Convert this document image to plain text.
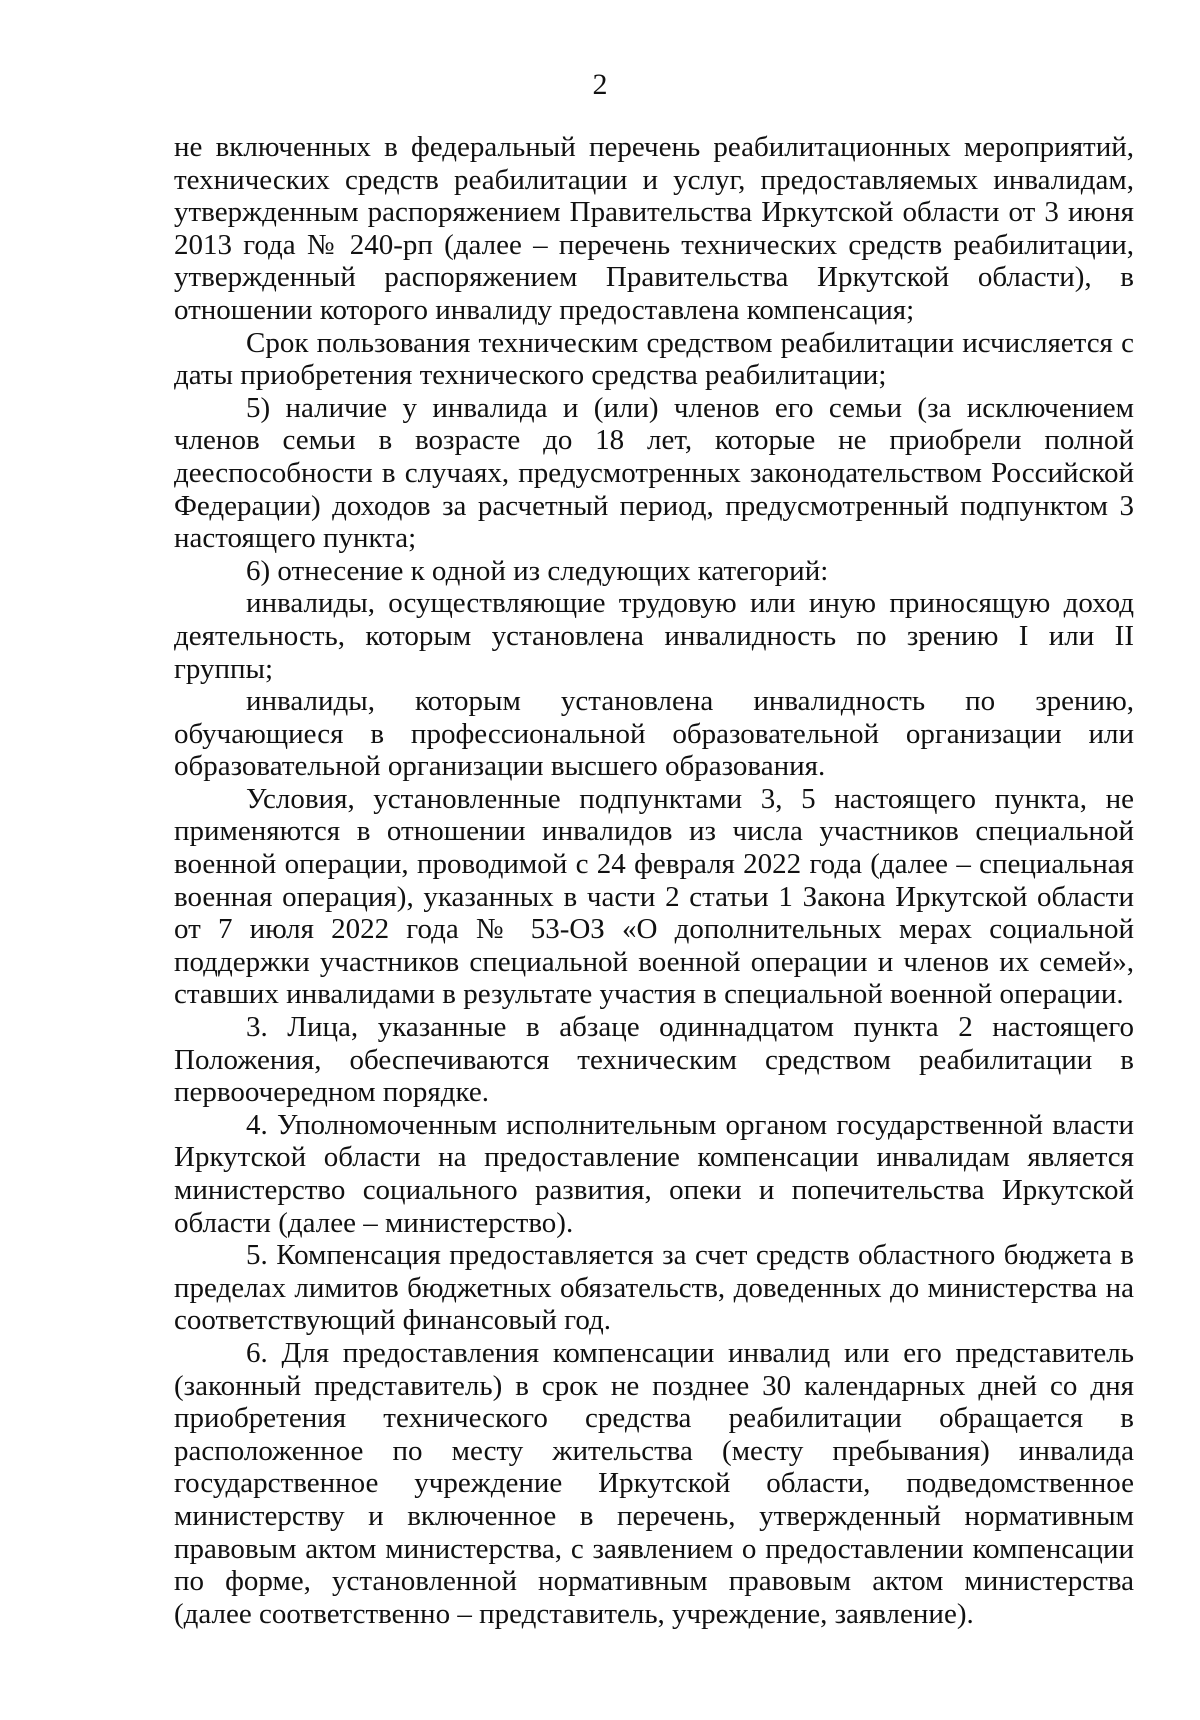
2

не включенных в федеральный перечень реабилитационных мероприятий, технических средств реабилитации и услуг, предоставляемых инвалидам, утвержденным распоряжением Правительства Иркутской области от 3 июня 2013 года № 240-рп (далее – перечень технических средств реабилитации, утвержденный распоряжением Правительства Иркутской области), в отношении которого инвалиду предоставлена компенсация;

Срок пользования техническим средством реабилитации исчисляется с даты приобретения технического средства реабилитации;

5) наличие у инвалида и (или) членов его семьи (за исключением членов семьи в возрасте до 18 лет, которые не приобрели полной дееспособности в случаях, предусмотренных законодательством Российской Федерации) доходов за расчетный период, предусмотренный подпунктом 3 настоящего пункта;

6) отнесение к одной из следующих категорий:

инвалиды, осуществляющие трудовую или иную приносящую доход деятельность, которым установлена инвалидность по зрению I или II группы;

инвалиды, которым установлена инвалидность по зрению, обучающиеся в профессиональной образовательной организации или образовательной организации высшего образования.

Условия, установленные подпунктами 3, 5 настоящего пункта, не применяются в отношении инвалидов из числа участников специальной военной операции, проводимой с 24 февраля 2022 года (далее – специальная военная операция), указанных в части 2 статьи 1 Закона Иркутской области от 7 июля 2022 года № 53-ОЗ «О дополнительных мерах социальной поддержки участников специальной военной операции и членов их семей», ставших инвалидами в результате участия в специальной военной операции.

3. Лица, указанные в абзаце одиннадцатом пункта 2 настоящего Положения, обеспечиваются техническим средством реабилитации в первоочередном порядке.

4. Уполномоченным исполнительным органом государственной власти Иркутской области на предоставление компенсации инвалидам является министерство социального развития, опеки и попечительства Иркутской области (далее – министерство).

5. Компенсация предоставляется за счет средств областного бюджета в пределах лимитов бюджетных обязательств, доведенных до министерства на соответствующий финансовый год.

6. Для предоставления компенсации инвалид или его представитель (законный представитель) в срок не позднее 30 календарных дней со дня приобретения технического средства реабилитации обращается в расположенное по месту жительства (месту пребывания) инвалида государственное учреждение Иркутской области, подведомственное министерству и включенное в перечень, утвержденный нормативным правовым актом министерства, с заявлением о предоставлении компенсации по форме, установленной нормативным правовым актом министерства (далее соответственно – представитель, учреждение, заявление).
